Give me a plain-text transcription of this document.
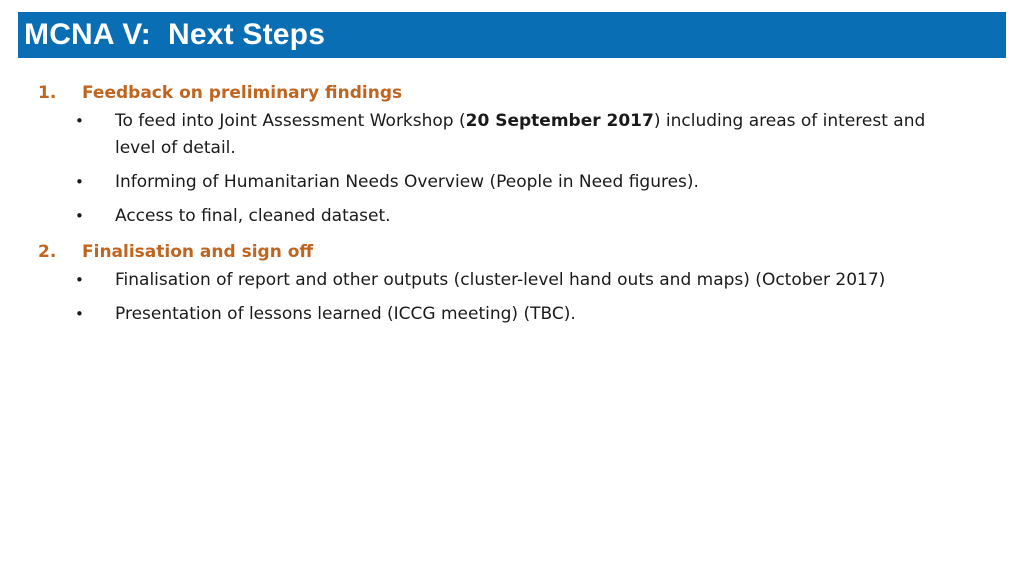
MCNA V:  Next Steps
1. Feedback on preliminary findings
• To feed into Joint Assessment Workshop (20 September 2017) including areas of interest and level of detail.
• Informing of Humanitarian Needs Overview (People in Need figures).
• Access to final, cleaned dataset.
2. Finalisation and sign off
• Finalisation of report and other outputs (cluster-level hand outs and maps) (October 2017)
• Presentation of lessons learned (ICCG meeting) (TBC).
